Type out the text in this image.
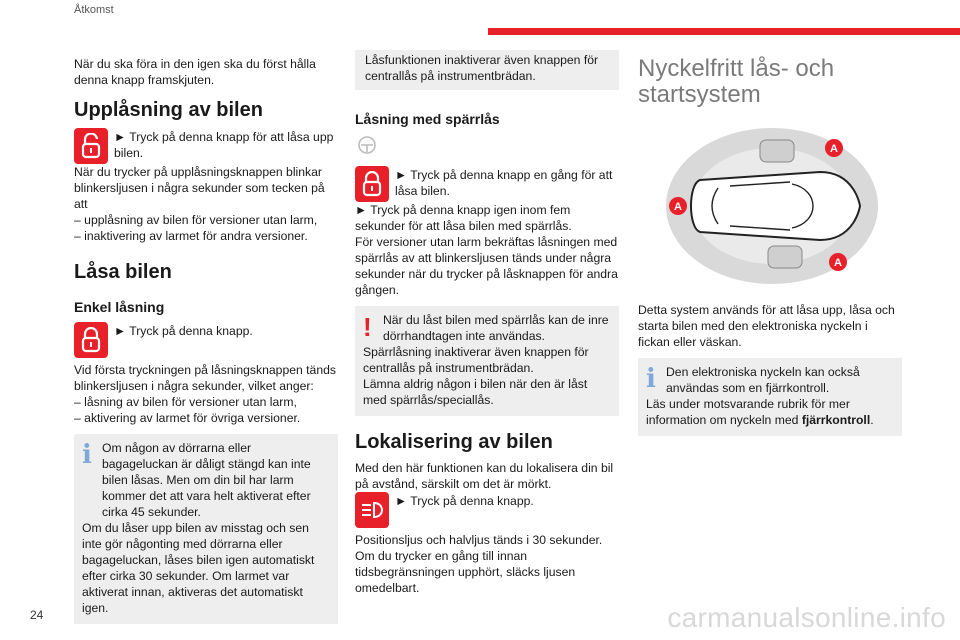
Åtkomst

När du ska föra in den igen ska du först hålla denna knapp framskjuten.

Upplåsning av bilen
► Tryck på denna knapp för att låsa upp bilen.

När du trycker på upplåsningsknappen blinkar blinkersljusen i några sekunder som tecken på att

– upplåsning av bilen för versioner utan larm,

– inaktivering av larmet för andra versioner.

Låsa bilen
Enkel låsning
► Tryck på denna knapp.

Vid första tryckningen på låsningsknappen tänds blinkersljusen i några sekunder, vilket anger:

– låsning av bilen för versioner utan larm,

– aktivering av larmet för övriga versioner.

i Om någon av dörrarna eller bagageluckan är dåligt stängd kan inte bilen låsas. Men om din bil har larm kommer det att vara helt aktiverat efter cirka 45 sekunder.

Om du låser upp bilen av misstag och sen inte gör någonting med dörrarna eller bagageluckan, låses bilen igen automatiskt efter cirka 30 sekunder. Om larmet var aktiverat innan, aktiveras det automatiskt igen.

Låsfunktionen inaktiverar även knappen för centrallås på instrumentbrädan.

Låsning med spärrlås
► Tryck på denna knapp en gång för att låsa bilen.

► Tryck på denna knapp igen inom fem sekunder för att låsa bilen med spärrlås.

För versioner utan larm bekräftas låsningen med spärrlås av att blinkersljusen tänds under några sekunder när du trycker på låsknappen för andra gången.

! När du låst bilen med spärrlås kan de inre dörrhandtagen inte användas.

Spärrlåsning inaktiverar även knappen för centrallås på instrumentbrädan.

Lämna aldrig någon i bilen när den är låst med spärrlås/speciallås.

Lokalisering av bilen

Med den här funktionen kan du lokalisera din bil på avstånd, särskilt om det är mörkt.

► Tryck på denna knapp.

Positionsljus och halvljus tänds i 30 sekunder. Om du trycker en gång till innan tidsbegränsningen upphört, släcks ljusen omedelbart.

Nyckelfritt lås- och startsystem
A
A
A

Detta system används för att låsa upp, låsa och starta bilen med den elektroniska nyckeln i fickan eller väskan.

i Den elektroniska nyckeln kan också användas som en fjärrkontroll.

Läs under motsvarande rubrik för mer information om nyckeln med fjärrkontroll.

24	carmanualsonline.info
